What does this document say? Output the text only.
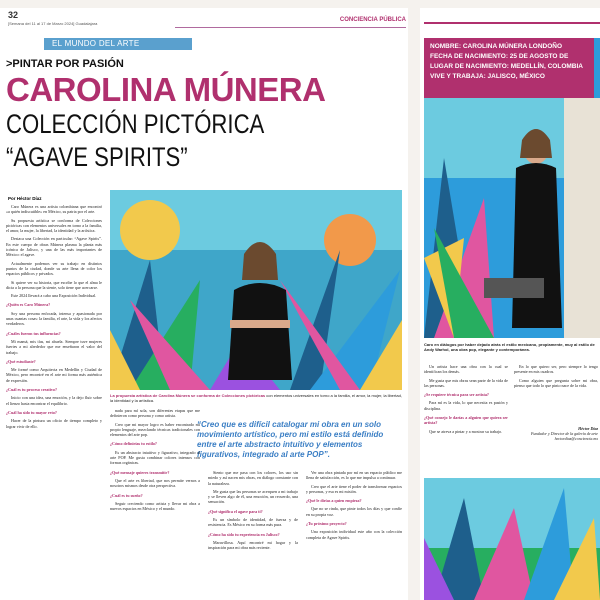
32
[Semana del 11 al 17 de Marzo 2024] Guadalajara
CONCIENCIA PÚBLICA
EL MUNDO DEL ARTE
>PINTAR POR PASIÓN
CAROLINA MÚNERA
COLECCIÓN PICTÓRICA
“AGAVE SPIRITS”
La propuesta artística de Carolina Múnera se conforma de Colecciones pictóricas con elementos universales en torno a la familia, el amor, la mujer, la libertad, la identidad y la artística.
“Creo que es difícil catalogar mi obra en un solo movimiento artístico, pero mi estilo está definido entre el arte abstracto intuitivo y elementos figurativos, integrado al arte POP”.
Por Héctor Díaz

Caro Múnera es una artista colombiana que encontró «a quién indiscutible» en México, su patria por el arte.

Su propuesta artística se conforma de Colecciones pictóricas con elementos universales en torno a la familia, el amor, la mujer, la libertad, la identidad y la artística.

Destaca una Colección en particular: “Agave Spirits”. En este cuerpo de obras Múnera plasma la planta más icónica de Jalisco, y una de las más importantes de México: el agave.

Actualmente podemos ver su trabajo en distintos puntos de la ciudad, donde su arte llena de color los espacios públicos y privados.

Si quiere ver su historia, que escribe lo que el alma le dicta a la persona que la siente, solo tiene que acercarse.

Este 2024 llevará a cabo una Exposición Individual.

¿Quién es Caro Múnera?

Soy una persona enfocada, intensa y apasionada por unas cuantas cosas: la familia, el arte, la vida y los afectos verdaderos.

¿Cuáles fueron tus influencias?

Mi mamá, mis tías, mi abuela. Siempre tuve mujeres fuertes a mi alrededor que me enseñaron el valor del trabajo.

¿Qué estudiaste?

Me formé como Arquitecta en Medellín y Ciudad de México, pero encontré en el arte mi forma más auténtica de expresión.

¿Cuál es tu proceso creativo?

Inicio con una idea, una emoción, y la dejo fluir sobre el lienzo hasta encontrar el equilibrio.

¿Cuál ha sido tu mayor reto?

Hacer de la pintura un oficio de tiempo completo y lograr vivir de ello.

nada para mí sola, son diferentes etapas que me definieron como persona y como artista.

Creo que mi mayor logro es haber encontrado mi propio lenguaje, mezclando técnicas tradicionales con elementos del arte pop.

¿Cómo definirías tu estilo?

Es un abstracto intuitivo y figurativo, integrado al arte POP. Me gusta combinar colores intensos con formas orgánicas.

¿Qué mensaje quieres transmitir?

Que el arte es libertad, que nos permite vernos a nosotros mismos desde otra perspectiva.

¿Cuál es tu sueño?

Seguir creciendo como artista y llevar mi obra a nuevos espacios en México y el mundo.

Siento que me pasa con los colores, los uso sin miedo y así nacen mis obras, en diálogo constante con la naturaleza.

Me gusta que las personas se acerquen a mi trabajo y se lleven algo de él, una emoción, un recuerdo, una sensación.

¿Qué significa el agave para ti?

Es un símbolo de identidad, de fuerza y de resistencia. Es México en su forma más pura.

¿Cómo ha sido tu experiencia en Jalisco?

Maravillosa. Aquí encontré mi hogar y la inspiración para mi obra más reciente.

Ver una obra pintada por mí en un espacio público me llena de satisfacción, es lo que me impulsa a continuar.

Creo que el arte tiene el poder de transformar espacios y personas, y esa es mi misión.

¿Qué le dirías a quien empieza?

Que no se rinda, que pinte todos los días y que confíe en su propia voz.

¿Tu próximo proyecto?

Una exposición individual este año con la colección completa de Agave Spirits.

NOMBRE: CAROLINA MÚNERA LONDOÑO
FECHA DE NACIMIENTO: 25 DE AGOSTO DE
LUGAR DE NACIMIENTO: MEDELLÍN, COLOMBIA
VIVE Y TRABAJA: JALISCO, MÉXICO
Caro en diálogos por haber dejado atrás el estilo mexicano, propiamente, muy al estilo de Andy Warhol, una obra pop, elegante y contemporánea.

Un artista hace una obra con la cual se identifican los demás.

Me gusta que mis obras sean parte de la vida de las personas.

¿Se requiere técnica para ser artista?

Para mí es la vida, lo que necesita es pasión y disciplina.

¿Qué consejo le darías a alguien que quiera ser artista?

Que se atreva a pintar y a mostrar su trabajo.

En lo que quiero ser, pero siempre lo tengo presente en mis cuadros.

Como alguien que pregunta sobre mi obra, pienso que todo lo que pinto nace de la vida.

Héctor Díaz
Fundador y Director de la galería de arte
hectordiaz@conciencia.mx
